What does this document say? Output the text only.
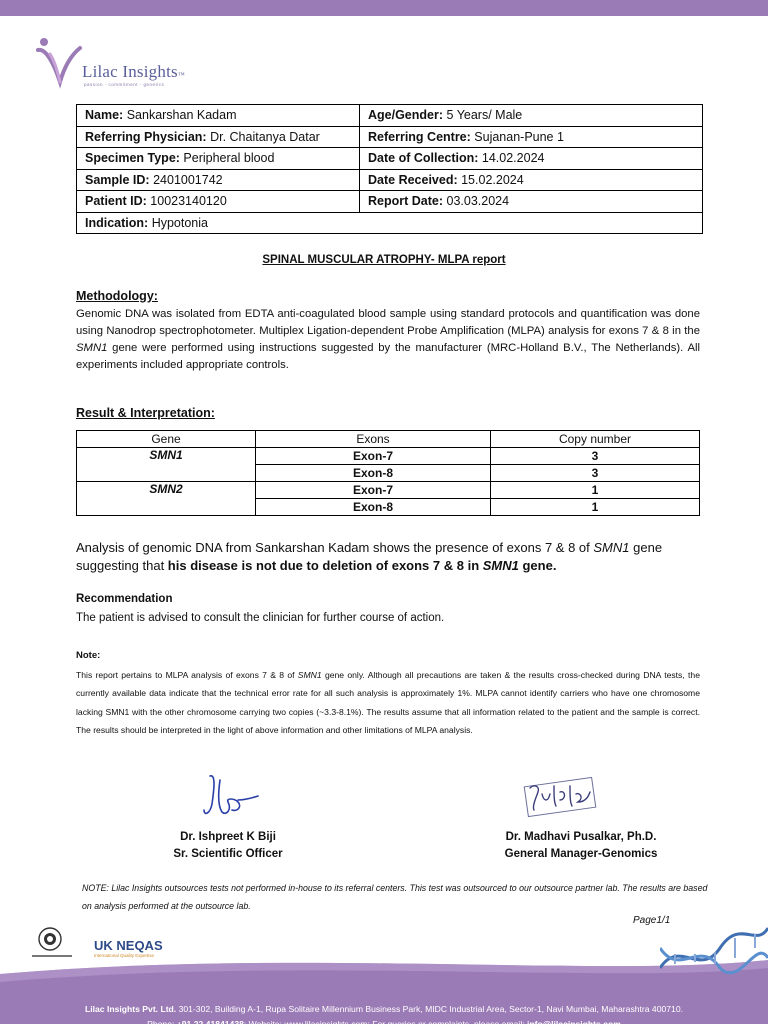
Lilac Insights™
passion · commitment · genetics
Name: Sankarshan Kadam	Age/Gender: 5 Years/ Male
Referring Physician: Dr. Chaitanya Datar	Referring Centre: Sujanan-Pune 1
Specimen Type: Peripheral blood	Date of Collection: 14.02.2024
Sample ID: 2401001742	Date Received: 15.02.2024
Patient ID: 10023140120	Report Date: 03.03.2024
Indication: Hypotonia	
SPINAL MUSCULAR ATROPHY- MLPA report
Methodology:
Genomic DNA was isolated from EDTA anti-coagulated blood sample using standard protocols and quantification was done using Nanodrop spectrophotometer. Multiplex Ligation-dependent Probe Amplification (MLPA) analysis for exons 7 & 8 in the SMN1 gene were performed using instructions suggested by the manufacturer (MRC-Holland B.V., The Netherlands). All experiments included appropriate controls.
Result & Interpretation:
Gene	Exons	Copy number
SMN1	Exon-7	3
	Exon-8	3
SMN2	Exon-7	1
	Exon-8	1
Analysis of genomic DNA from Sankarshan Kadam shows the presence of exons 7 & 8 of SMN1 gene suggesting that his disease is not due to deletion of exons 7 & 8 in SMN1 gene.
Recommendation
The patient is advised to consult the clinician for further course of action.
Note:
This report pertains to MLPA analysis of exons 7 & 8 of SMN1 gene only. Although all precautions are taken & the results cross-checked during DNA tests, the currently available data indicate that the technical error rate for all such analysis is approximately 1%. MLPA cannot identify carriers who have one chromosome lacking SMN1 with the other chromosome carrying two copies (~3.3-8.1%). The results assume that all information related to the patient and the sample is correct. The results should be interpreted in the light of above information and other limitations of MLPA analysis.
Dr. Ishpreet K Biji
Sr. Scientific Officer
Dr. Madhavi Pusalkar, Ph.D.
General Manager-Genomics
NOTE: Lilac Insights outsources tests not performed in-house to its referral centers. This test was outsourced to our outsource partner lab. The results are based on analysis performed at the outsource lab.
Page1/1
UK NEQAS
International Quality Expertise
Lilac Insights Pvt. Ltd. 301-302, Building A-1, Rupa Solitaire Millennium Business Park, MIDC Industrial Area, Sector-1, Navi Mumbai, Maharashtra 400710.
Phone: +91 22 41841438; Website: www.lilacinsights.com; For queries or complaints, please email: info@lilacinsights.com
